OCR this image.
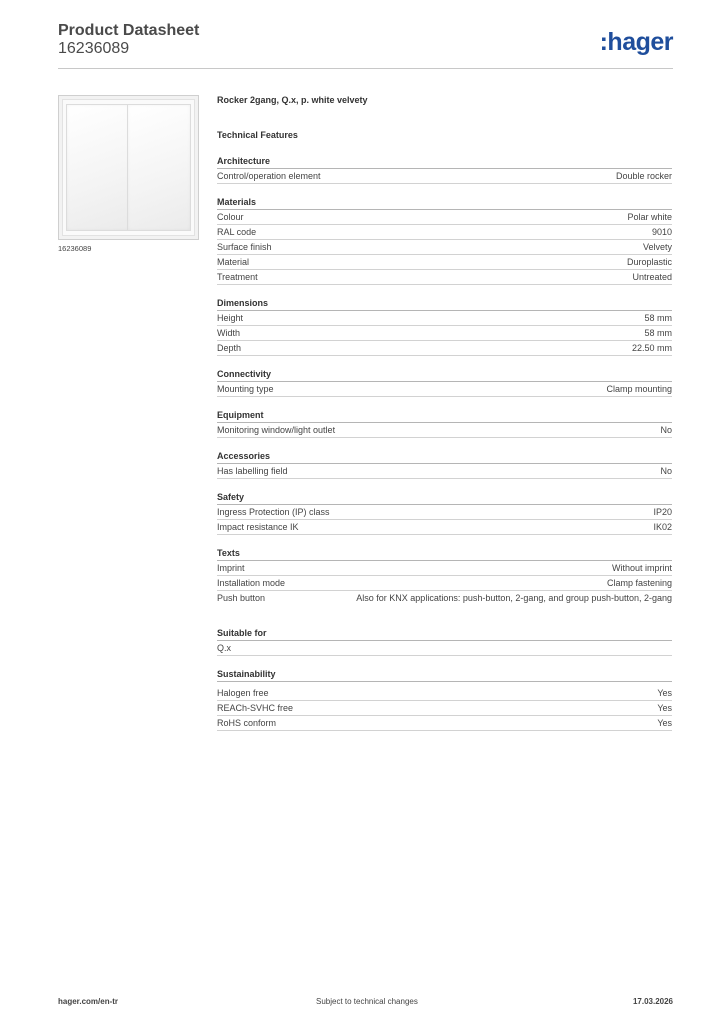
Product Datasheet
16236089	:hager
16236089
Rocker 2gang, Q.x, p. white velvety
Technical Features
Architecture
Control/operation element	Double rocker
Materials
Colour	Polar white
RAL code	9010
Surface finish	Velvety
Material	Duroplastic
Treatment	Untreated
Dimensions
Height	58 mm
Width	58 mm
Depth	22.50 mm
Connectivity
Mounting type	Clamp mounting
Equipment
Monitoring window/light outlet	No
Accessories
Has labelling field	No
Safety
Ingress Protection (IP) class	IP20
Impact resistance IK	IK02
Texts
Imprint	Without imprint
Installation mode	Clamp fastening
Push button	Also for KNX applications: push-button, 2-gang, and group push-button, 2-gang
Suitable for
Q.x
Sustainability
Halogen free	Yes
REACh-SVHC free	Yes
RoHS conform	Yes
hager.com/en-tr	Subject to technical changes	17.03.2026
